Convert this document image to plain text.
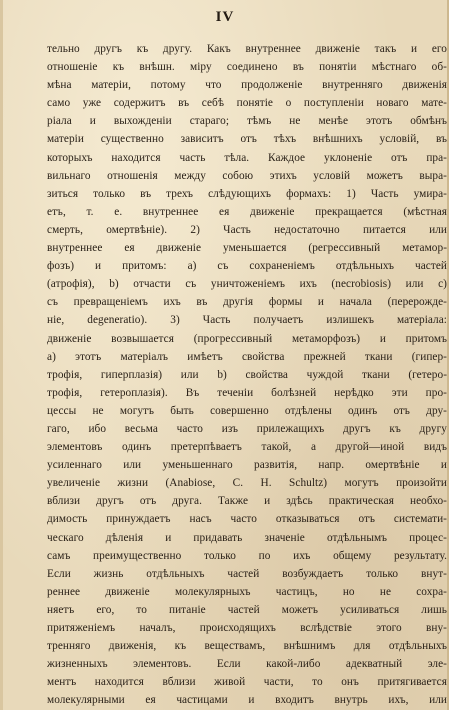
IV
тельно другъ къ другу. Какъ внутреннее движенiе такъ и его
отношенiе къ внѣшн. мiру соединено въ понятiи мѣстнаго об-
мѣна матерiи, потому что продолженiе внутренняго движенiя
само уже содержитъ въ себѣ понятiе о поступленiи новаго мате-
рiала и выхожденiи стараго; тѣмъ не менѣе этотъ обмѣнъ
матерiи существенно зависитъ отъ тѣхъ внѣшнихъ условiй, въ
которыхъ находится часть тѣла. Каждое уклоненiе отъ пра-
вильнаго отношенiя между собою этихъ условiй можетъ выра-
зиться только въ трехъ слѣдующихъ формахъ: 1) Часть умира-
етъ, т. е. внутреннее ея движенiе прекращается (мѣстная
смерть, омертвѣнiе). 2) Часть недостаточно питается или
внутреннее ея движенiе уменьшается (регрессивный метамор-
фозъ) и притомъ: а) съ сохраненiемъ отдѣльныхъ частей
(атрофiя), b) отчасти съ уничтоженiемъ ихъ (necrobiosis) или с)
съ превращенiемъ ихъ въ другiя формы и начала (перерожде-
нiе, degeneratio). 3) Часть получаетъ излишекъ матерiала:
движенiе возвышается (прогрессивный метаморфозъ) и притомъ
а) этотъ матерiалъ имѣетъ свойства прежней ткани (гипер-
трофiя, гиперплазiя) или b) свойства чуждой ткани (гетеро-
трофiя, гетероплазiя). Въ теченiи болѣзней нерѣдко эти про-
цессы не могутъ быть совершенно отдѣлены одинъ отъ дру-
гаго, ибо весьма часто изъ прилежащихъ другъ къ другу
элементовъ одинъ претерпѣваетъ такой, а другой—иной видъ
усиленнаго или уменьшеннаго развитiя, напр. омертвѣнiе и
увеличенiе жизни (Anabiose, С. Н. Schultz) могутъ произойти
вблизи другъ отъ друга. Также и здѣсь практическая необхо-
димость принуждаетъ насъ часто отказываться отъ системати-
ческаго дѣленiя и придавать значенiе отдѣльнымъ процес-
самъ преимущественно только по ихъ общему результату.
Если жизнь отдѣльныхъ частей возбуждаетъ только внут-
реннее движенiе молекулярныхъ частицъ, но не сохра-
няетъ его, то питанiе частей можетъ усиливаться лишь
притяженiемъ началъ, происходящихъ вслѣдствiе этого вну-
тренняго движенiя, къ веществамъ, внѣшнимъ для отдѣльныхъ
жизненныхъ элементовъ. Если какой-либо адекватный эле-
ментъ находится вблизи живой части, то онъ притягивается
молекулярными ея частицами и входитъ внутрь ихъ, или
